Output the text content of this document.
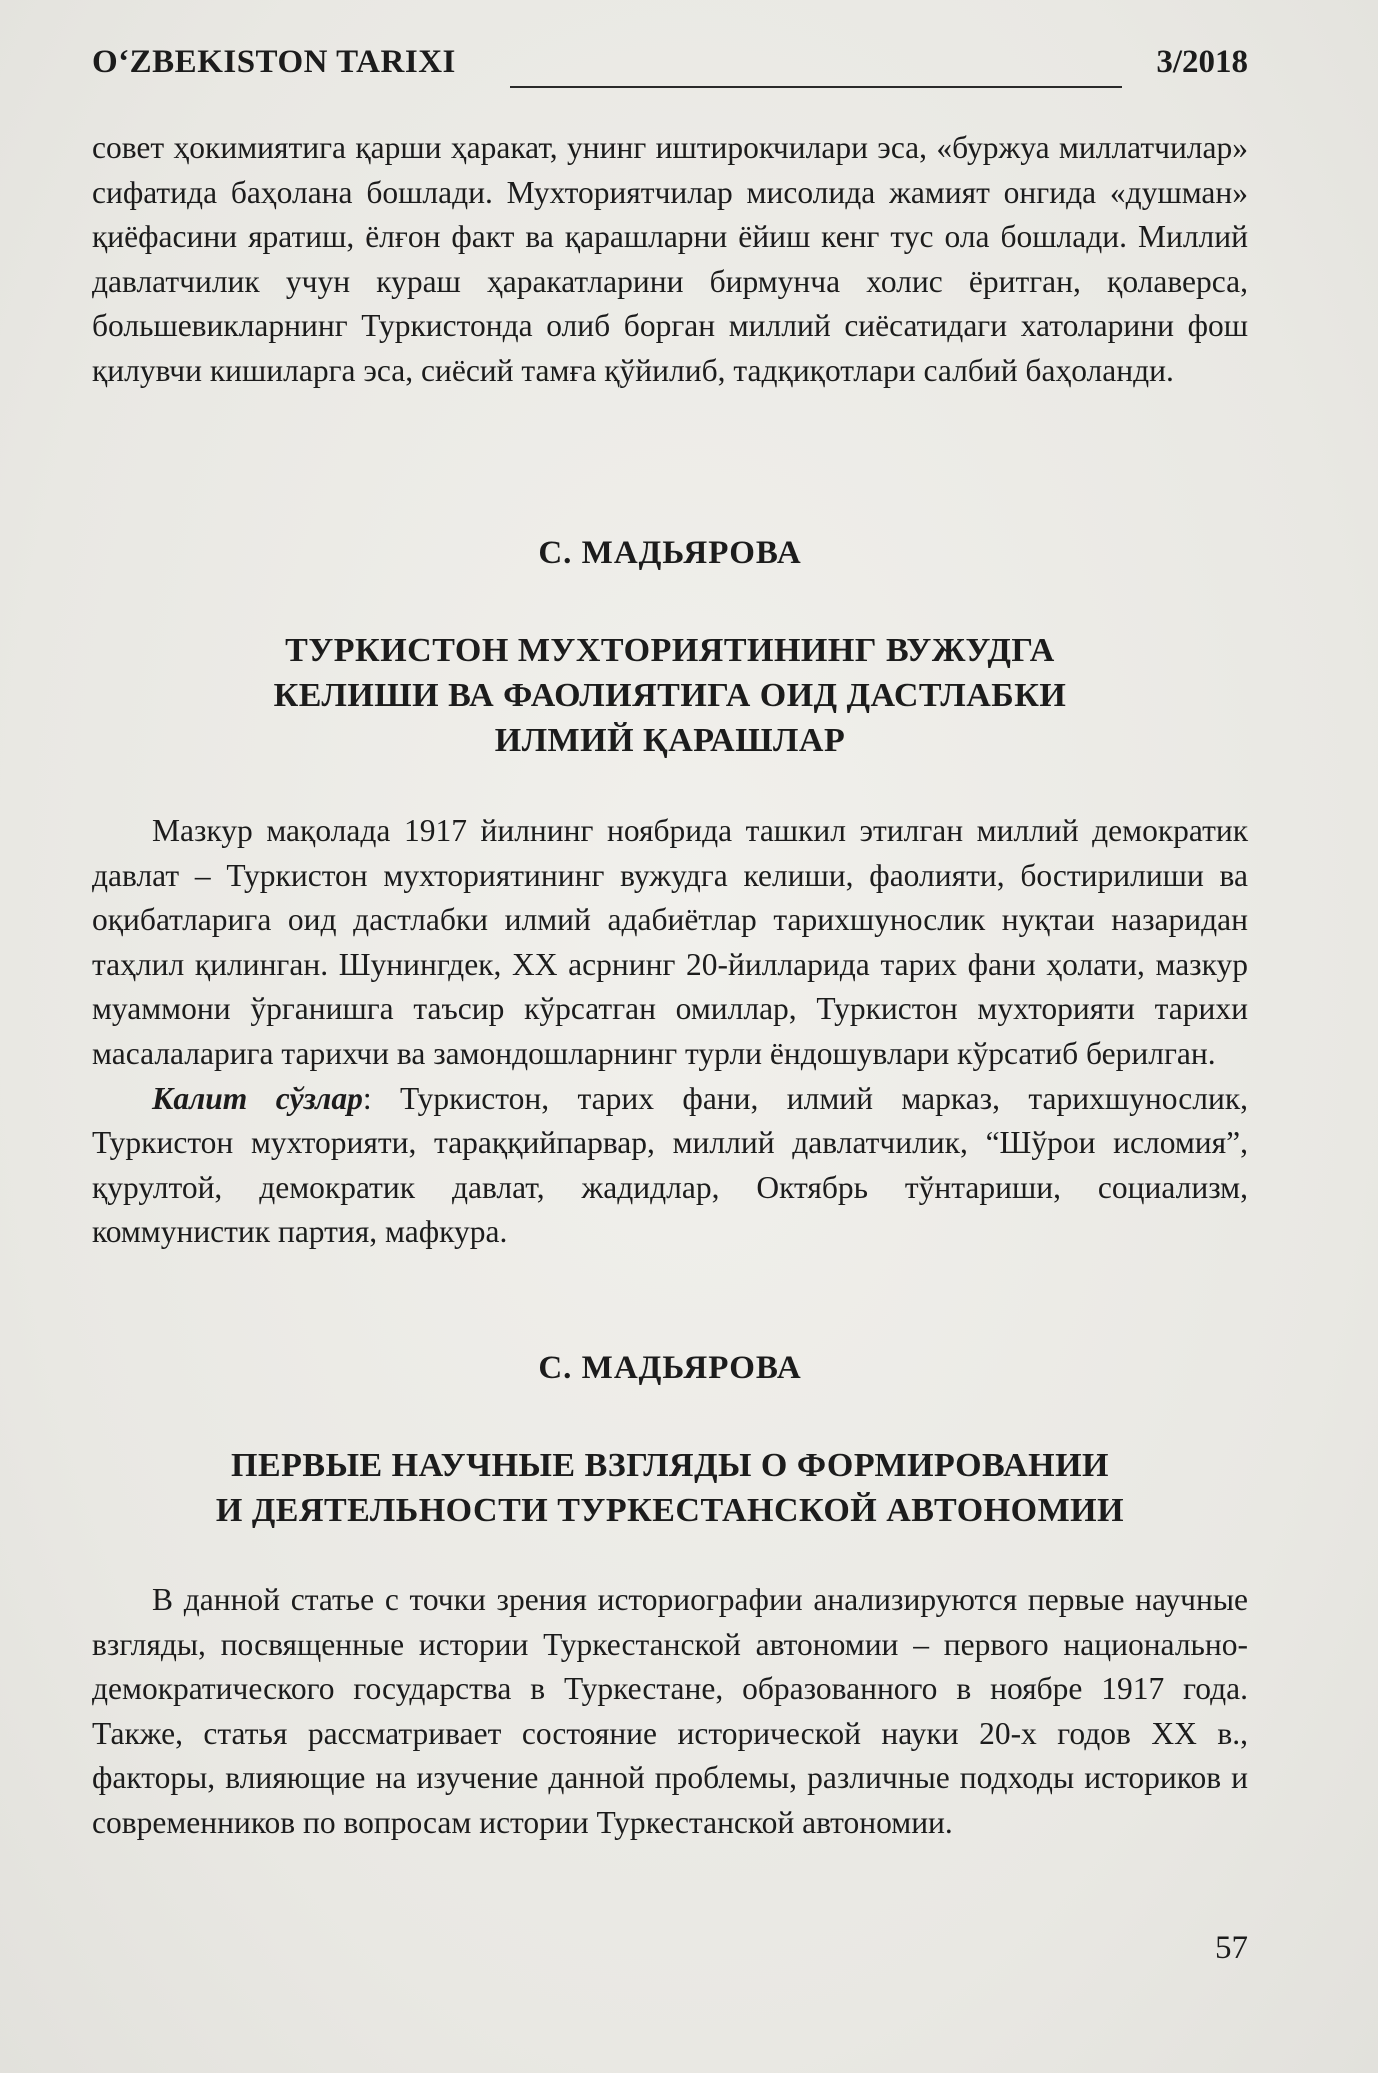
O‘ZBEKISTON TARIXI	3/2018

совет ҳокимиятига қарши ҳаракат, унинг иштирокчилари эса, «буржуа миллатчилар» сифатида баҳолана бошлади. Мухториятчилар мисолида жамият онгида «душман» қиёфасини яратиш, ёлғон факт ва қарашларни ёйиш кенг тус ола бошлади. Миллий давлатчилик учун кураш ҳаракатларини бирмунча холис ёритган, қолаверса, большевикларнинг Туркистонда олиб борган миллий сиёсатидаги хатоларини фош қилувчи кишиларга эса, сиёсий тамға қўйилиб, тадқиқотлари салбий баҳоланди.

С. МАДЬЯРОВА
ТУРКИСТОН МУХТОРИЯТИНИНГ ВУЖУДГА
КЕЛИШИ ВА ФАОЛИЯТИГА ОИД ДАСТЛАБКИ
ИЛМИЙ ҚАРАШЛАР

Мазкур мақолада 1917 йилнинг ноябрида ташкил этилган миллий демократик давлат – Туркистон мухториятининг вужудга келиши, фаолияти, бостирилиши ва оқибатларига оид дастлабки илмий адабиётлар тарихшунослик нуқтаи назаридан таҳлил қилинган. Шунингдек, XX асрнинг 20-йилларида тарих фани ҳолати, мазкур муаммони ўрганишга таъсир кўрсатган омиллар, Туркистон мухторияти тарихи масалаларига тарихчи ва замондошларнинг турли ёндошувлари кўрсатиб берилган.

Калит сўзлар: Туркистон, тарих фани, илмий марказ, тарихшунослик, Туркистон мухторияти, тараққийпарвар, миллий давлатчилик, “Шўрои исломия”, қурултой, демократик давлат, жадидлар, Октябрь тўнтариши, социализм, коммунистик партия, мафкура.

С. МАДЬЯРОВА
ПЕРВЫЕ НАУЧНЫЕ ВЗГЛЯДЫ О ФОРМИРОВАНИИ
И ДЕЯТЕЛЬНОСТИ ТУРКЕСТАНСКОЙ АВТОНОМИИ

В данной статье с точки зрения историографии анализируются первые научные взгляды, посвященные истории Туркестанской автономии – первого национально-демократического государства в Туркестане, образованного в ноябре 1917 года. Также, статья рассматривает состояние исторической науки 20-х годов XX в., факторы, влияющие на изучение данной проблемы, различные подходы историков и современников по вопросам истории Туркестанской автономии.

57
